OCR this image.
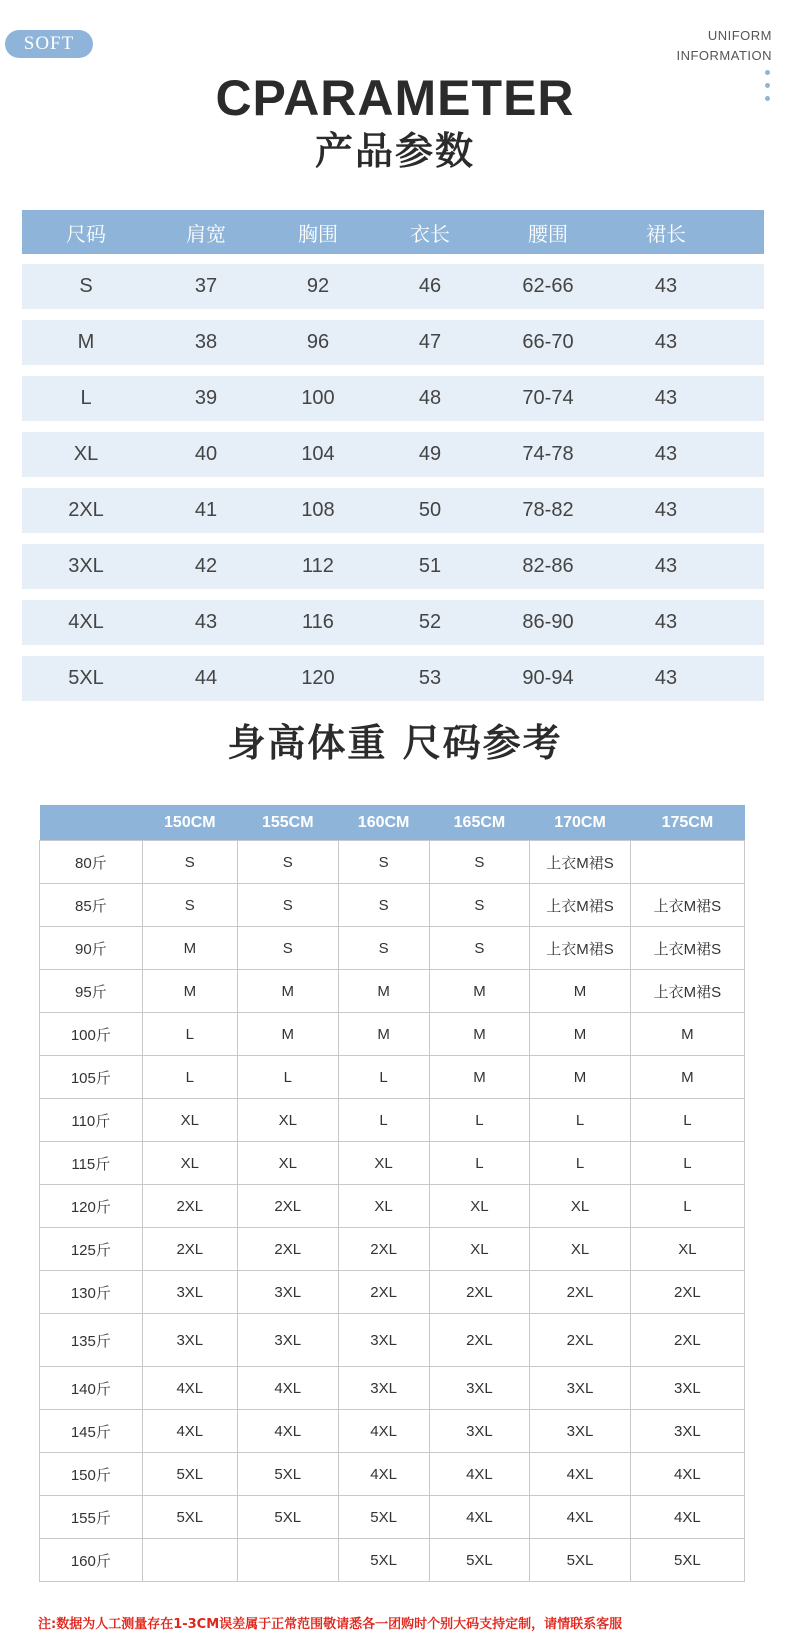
SOFT	UNIFORM
INFORMATION
CPARAMETER
产品参数
尺码	肩宽	胸围	衣长	腰围	裙长
S	37	92	46	62-66	43
M	38	96	47	66-70	43
L	39	100	48	70-74	43
XL	40	104	49	74-78	43
2XL	41	108	50	78-82	43
3XL	42	112	51	82-86	43
4XL	43	116	52	86-90	43
5XL	44	120	53	90-94	43
身高体重 尺码参考
	150CM	155CM	160CM	165CM	170CM	175CM
80斤	S	S	S	S	上衣M裙S	
85斤	S	S	S	S	上衣M裙S	上衣M裙S
90斤	M	S	S	S	上衣M裙S	上衣M裙S
95斤	M	M	M	M	M	上衣M裙S
100斤	L	M	M	M	M	M
105斤	L	L	L	M	M	M
110斤	XL	XL	L	L	L	L
115斤	XL	XL	XL	L	L	L
120斤	2XL	2XL	XL	XL	XL	L
125斤	2XL	2XL	2XL	XL	XL	XL
130斤	3XL	3XL	2XL	2XL	2XL	2XL
135斤	3XL	3XL	3XL	2XL	2XL	2XL
140斤	4XL	4XL	3XL	3XL	3XL	3XL
145斤	4XL	4XL	4XL	3XL	3XL	3XL
150斤	5XL	5XL	4XL	4XL	4XL	4XL
155斤	5XL	5XL	5XL	4XL	4XL	4XL
160斤			5XL	5XL	5XL	5XL
注:数据为人工测量存在1-3CM误差属于正常范围敬请悉各一团购时个别大码支持定制，请情联系客服
